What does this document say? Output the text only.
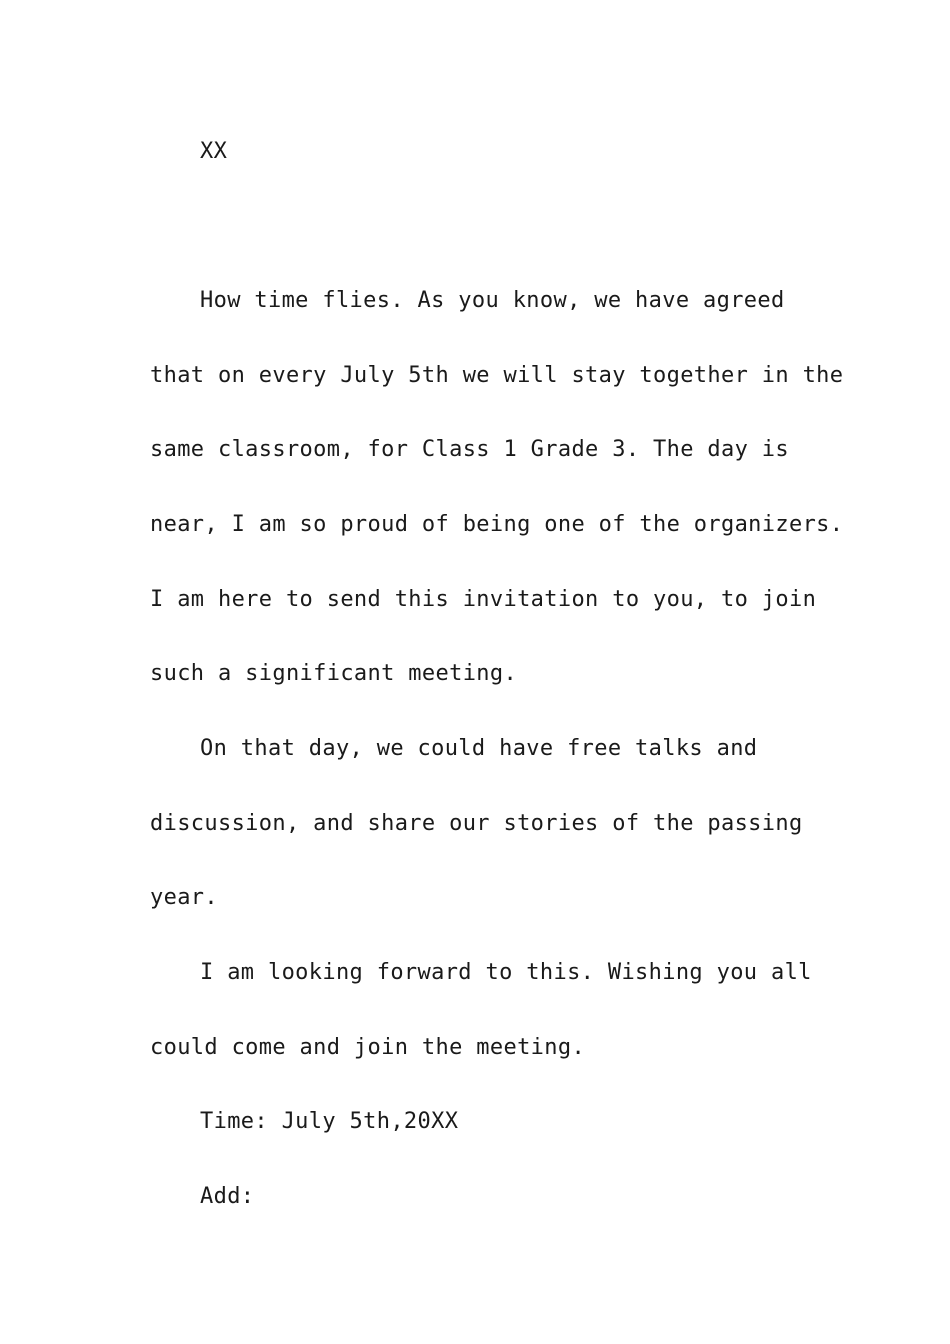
XX
How time flies. As you know, we have agreed
that on every July 5th we will stay together in the
same classroom, for Class 1 Grade 3. The day is
near, I am so proud of being one of the organizers.
I am here to send this invitation to you, to join
such a significant meeting.
On that day, we could have free talks and
discussion, and share our stories of the passing
year.
I am looking forward to this. Wishing you all
could come and join the meeting.
Time: July 5th,20XX
Add:
